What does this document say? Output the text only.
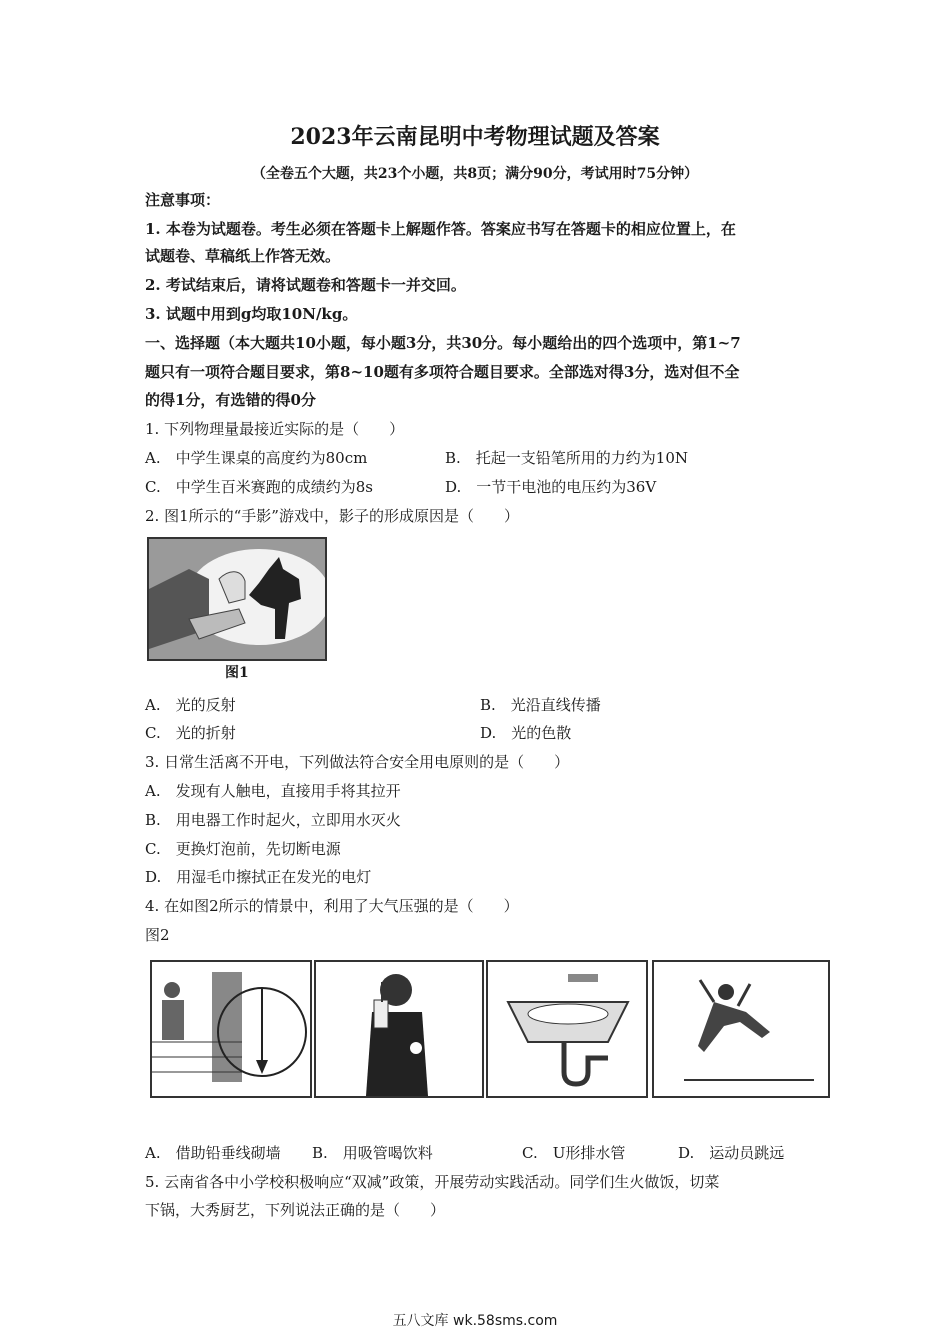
2023年云南昆明中考物理试题及答案
（全卷五个大题，共23个小题，共8页；满分90分，考试用时75分钟）
注意事项：
1. 本卷为试题卷。考生必须在答题卡上解题作答。答案应书写在答题卡的相应位置上，在
试题卷、草稿纸上作答无效。
2. 考试结束后，请将试题卷和答题卡一并交回。
3. 试题中用到g均取10N/kg。
一、选择题（本大题共10小题，每小题3分，共30分。每小题给出的四个选项中，第1~7
题只有一项符合题目要求，第8~10题有多项符合题目要求。全部选对得3分，选对但不全
的得1分，有选错的得0分
1. 下列物理量最接近实际的是（　　）
A.　中学生课桌的高度约为80cm	B.　托起一支铅笔所用的力约为10N
C.　中学生百米赛跑的成绩约为8s	D.　一节干电池的电压约为36V
2. 图1所示的“手影”游戏中，影子的形成原因是（　　）
图1
A.　光的反射	B.　光沿直线传播
C.　光的折射	D.　光的色散
3. 日常生活离不开电，下列做法符合安全用电原则的是（　　）
A.　发现有人触电，直接用手将其拉开
B.　用电器工作时起火，立即用水灭火
C.　更换灯泡前，先切断电源
D.　用湿毛巾擦拭正在发光的电灯
4. 在如图2所示的情景中，利用了大气压强的是（　　）
图2
A.　借助铅垂线砌墙 B.　用吸管喝饮料	C.　U形排水管	D.　运动员跳远
5. 云南省各中小学校积极响应“双减”政策，开展劳动实践活动。同学们生火做饭，切菜
下锅，大秀厨艺，下列说法正确的是（　　）
五八文库 wk.58sms.com
